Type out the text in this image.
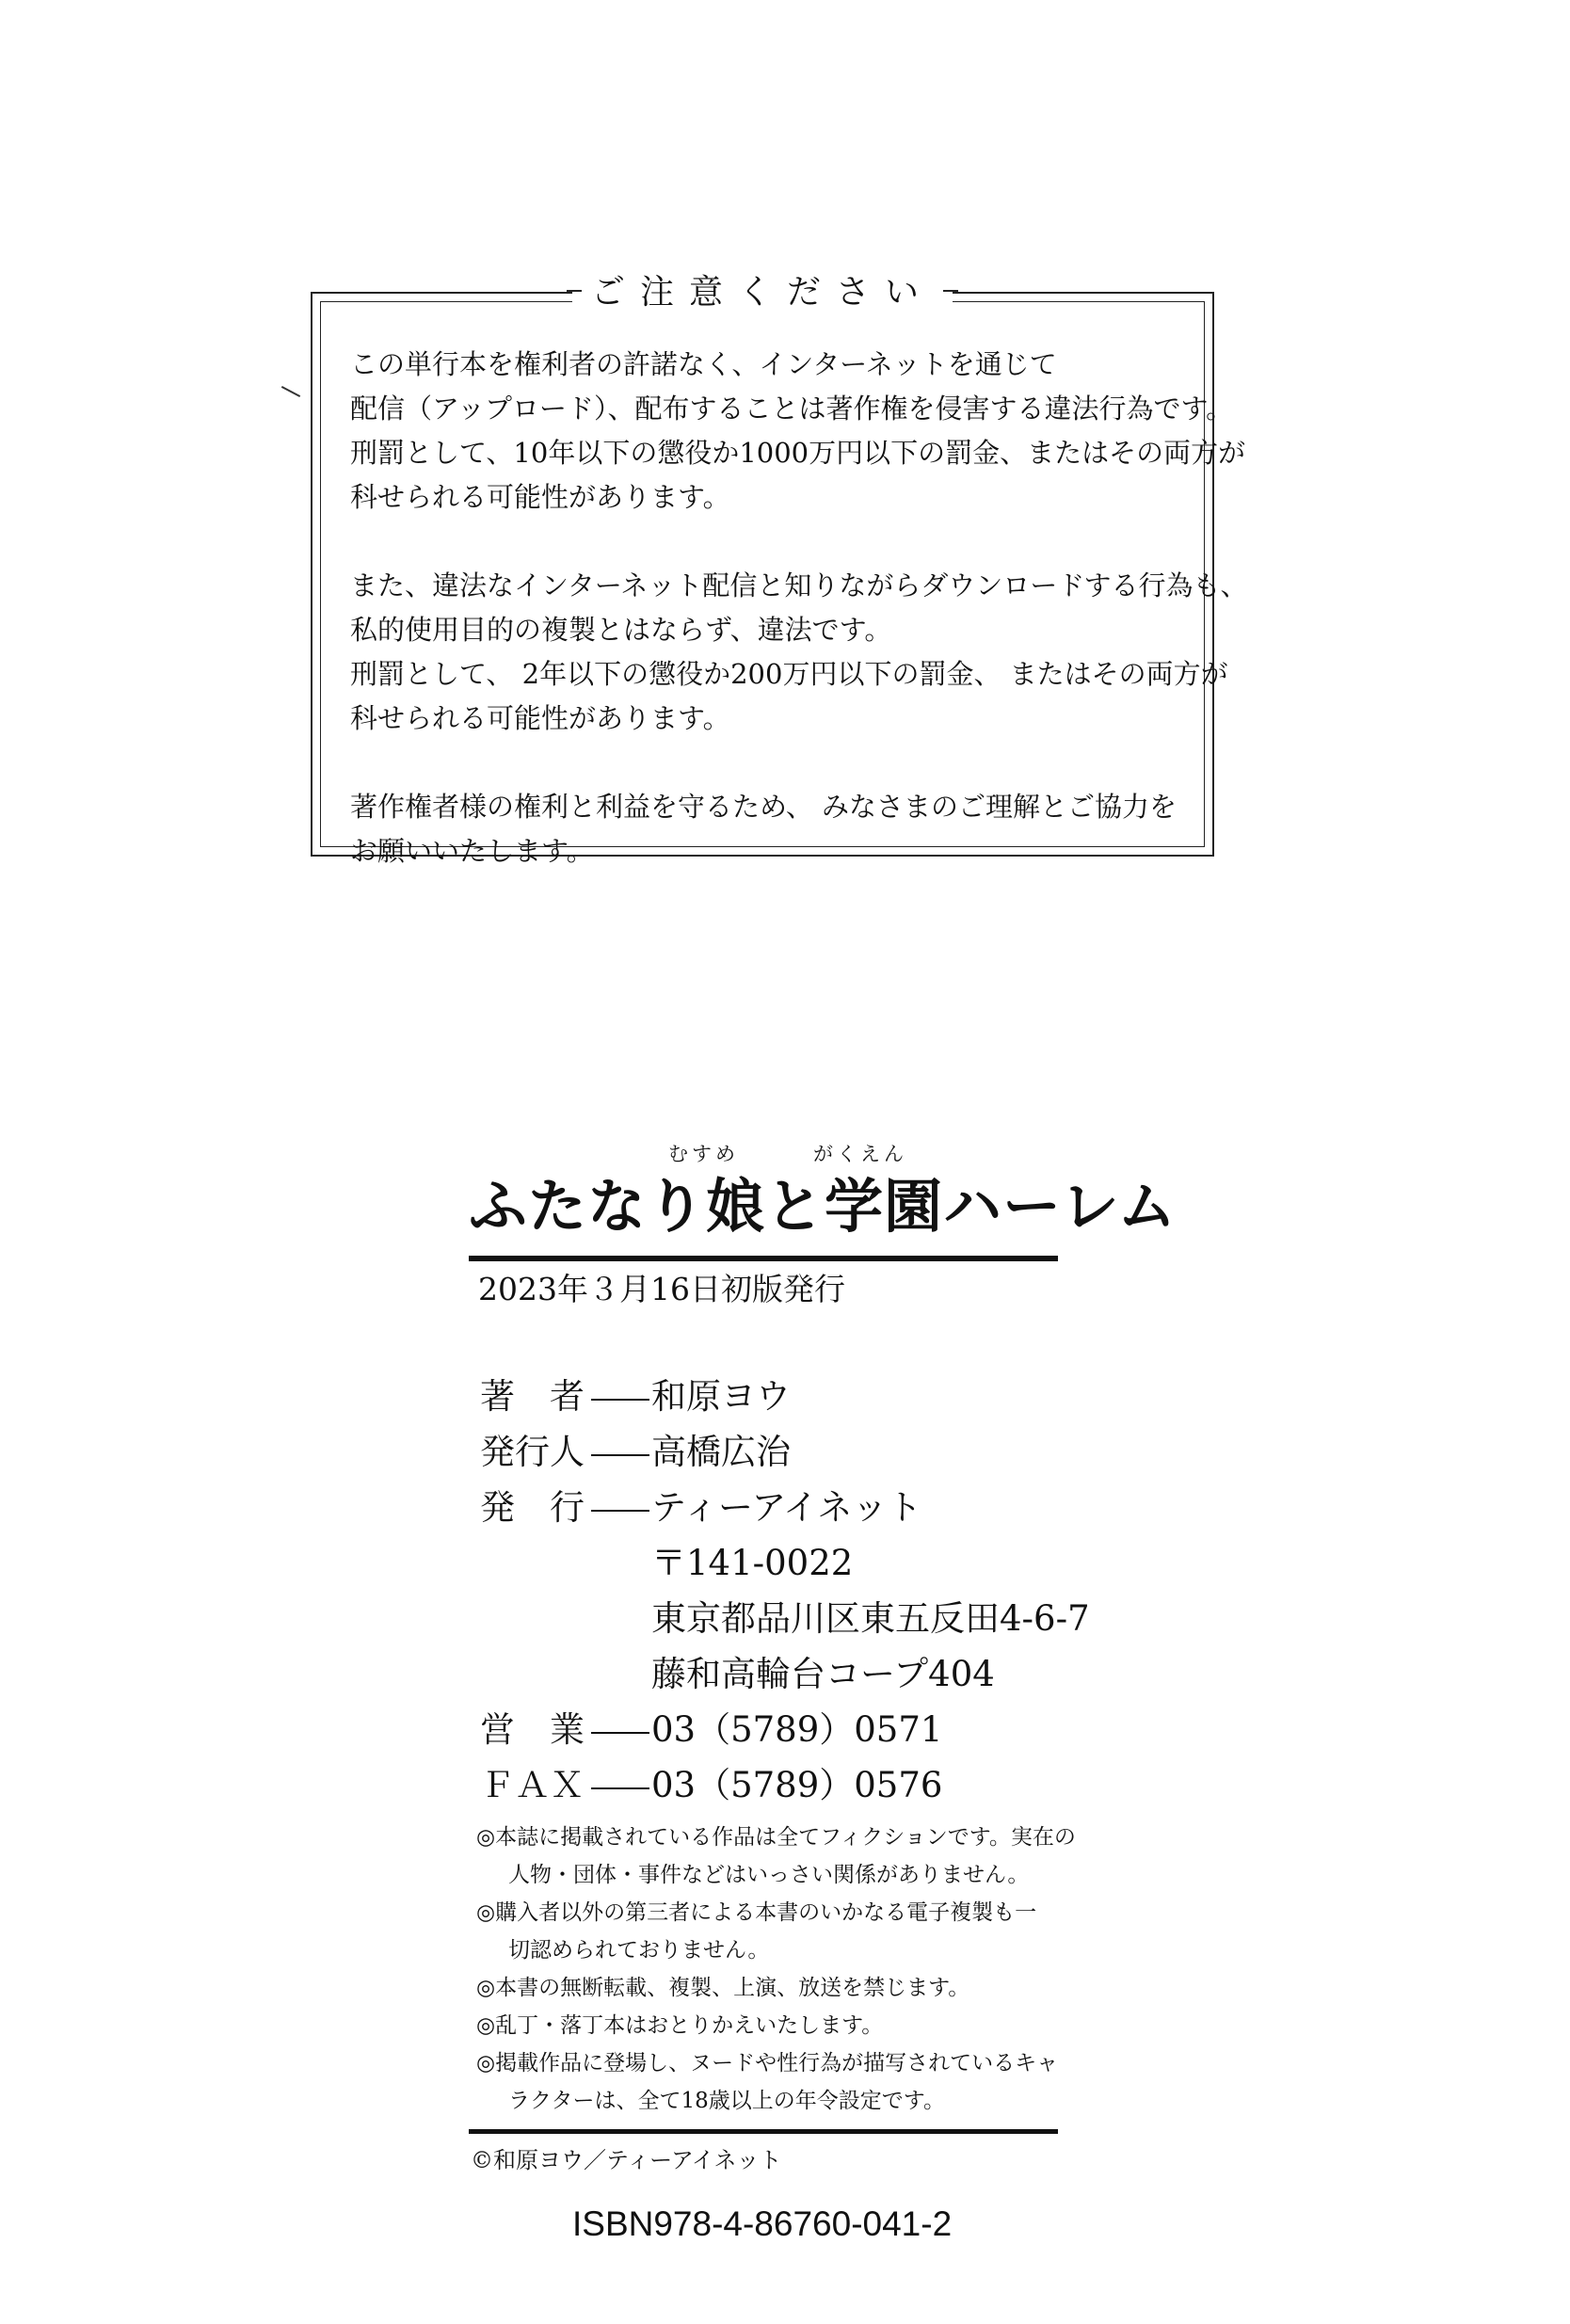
ご注意ください

この単行本を権利者の許諾なく、インターネットを通じて
配信（アップロード）、配布することは著作権を侵害する違法行為です。
刑罰として、10年以下の懲役か1000万円以下の罰金、またはその両方が
科せられる可能性があります。

また、違法なインターネット配信と知りながらダウンロードする行為も、
私的使用目的の複製とはならず、違法です。
刑罰として、 2年以下の懲役か200万円以下の罰金、 またはその両方が
科せられる可能性があります。

著作権者様の権利と利益を守るため、 みなさまのご理解とご協力を
お願いいたします。

むすめ	がくえん
ふたなり娘と学園ハーレム
2023年３月16日初版発行
著　者 和原ヨウ
発行人 高橋広治
発　行 ティーアイネット
〒141-0022
東京都品川区東五反田4-6-7
藤和高輪台コープ404
営　業 03（5789）0571
ＦＡＸ 03（5789）0576
◎本誌に掲載されている作品は全てフィクションです。実在の
人物・団体・事件などはいっさい関係がありません。
◎購入者以外の第三者による本書のいかなる電子複製も一
切認められておりません。
◎本書の無断転載、複製、上演、放送を禁じます。
◎乱丁・落丁本はおとりかえいたします。
◎掲載作品に登場し、ヌードや性行為が描写されているキャ
ラクターは、全て18歳以上の年令設定です。
©和原ヨウ／ティーアイネット
ISBN978-4-86760-041-2
